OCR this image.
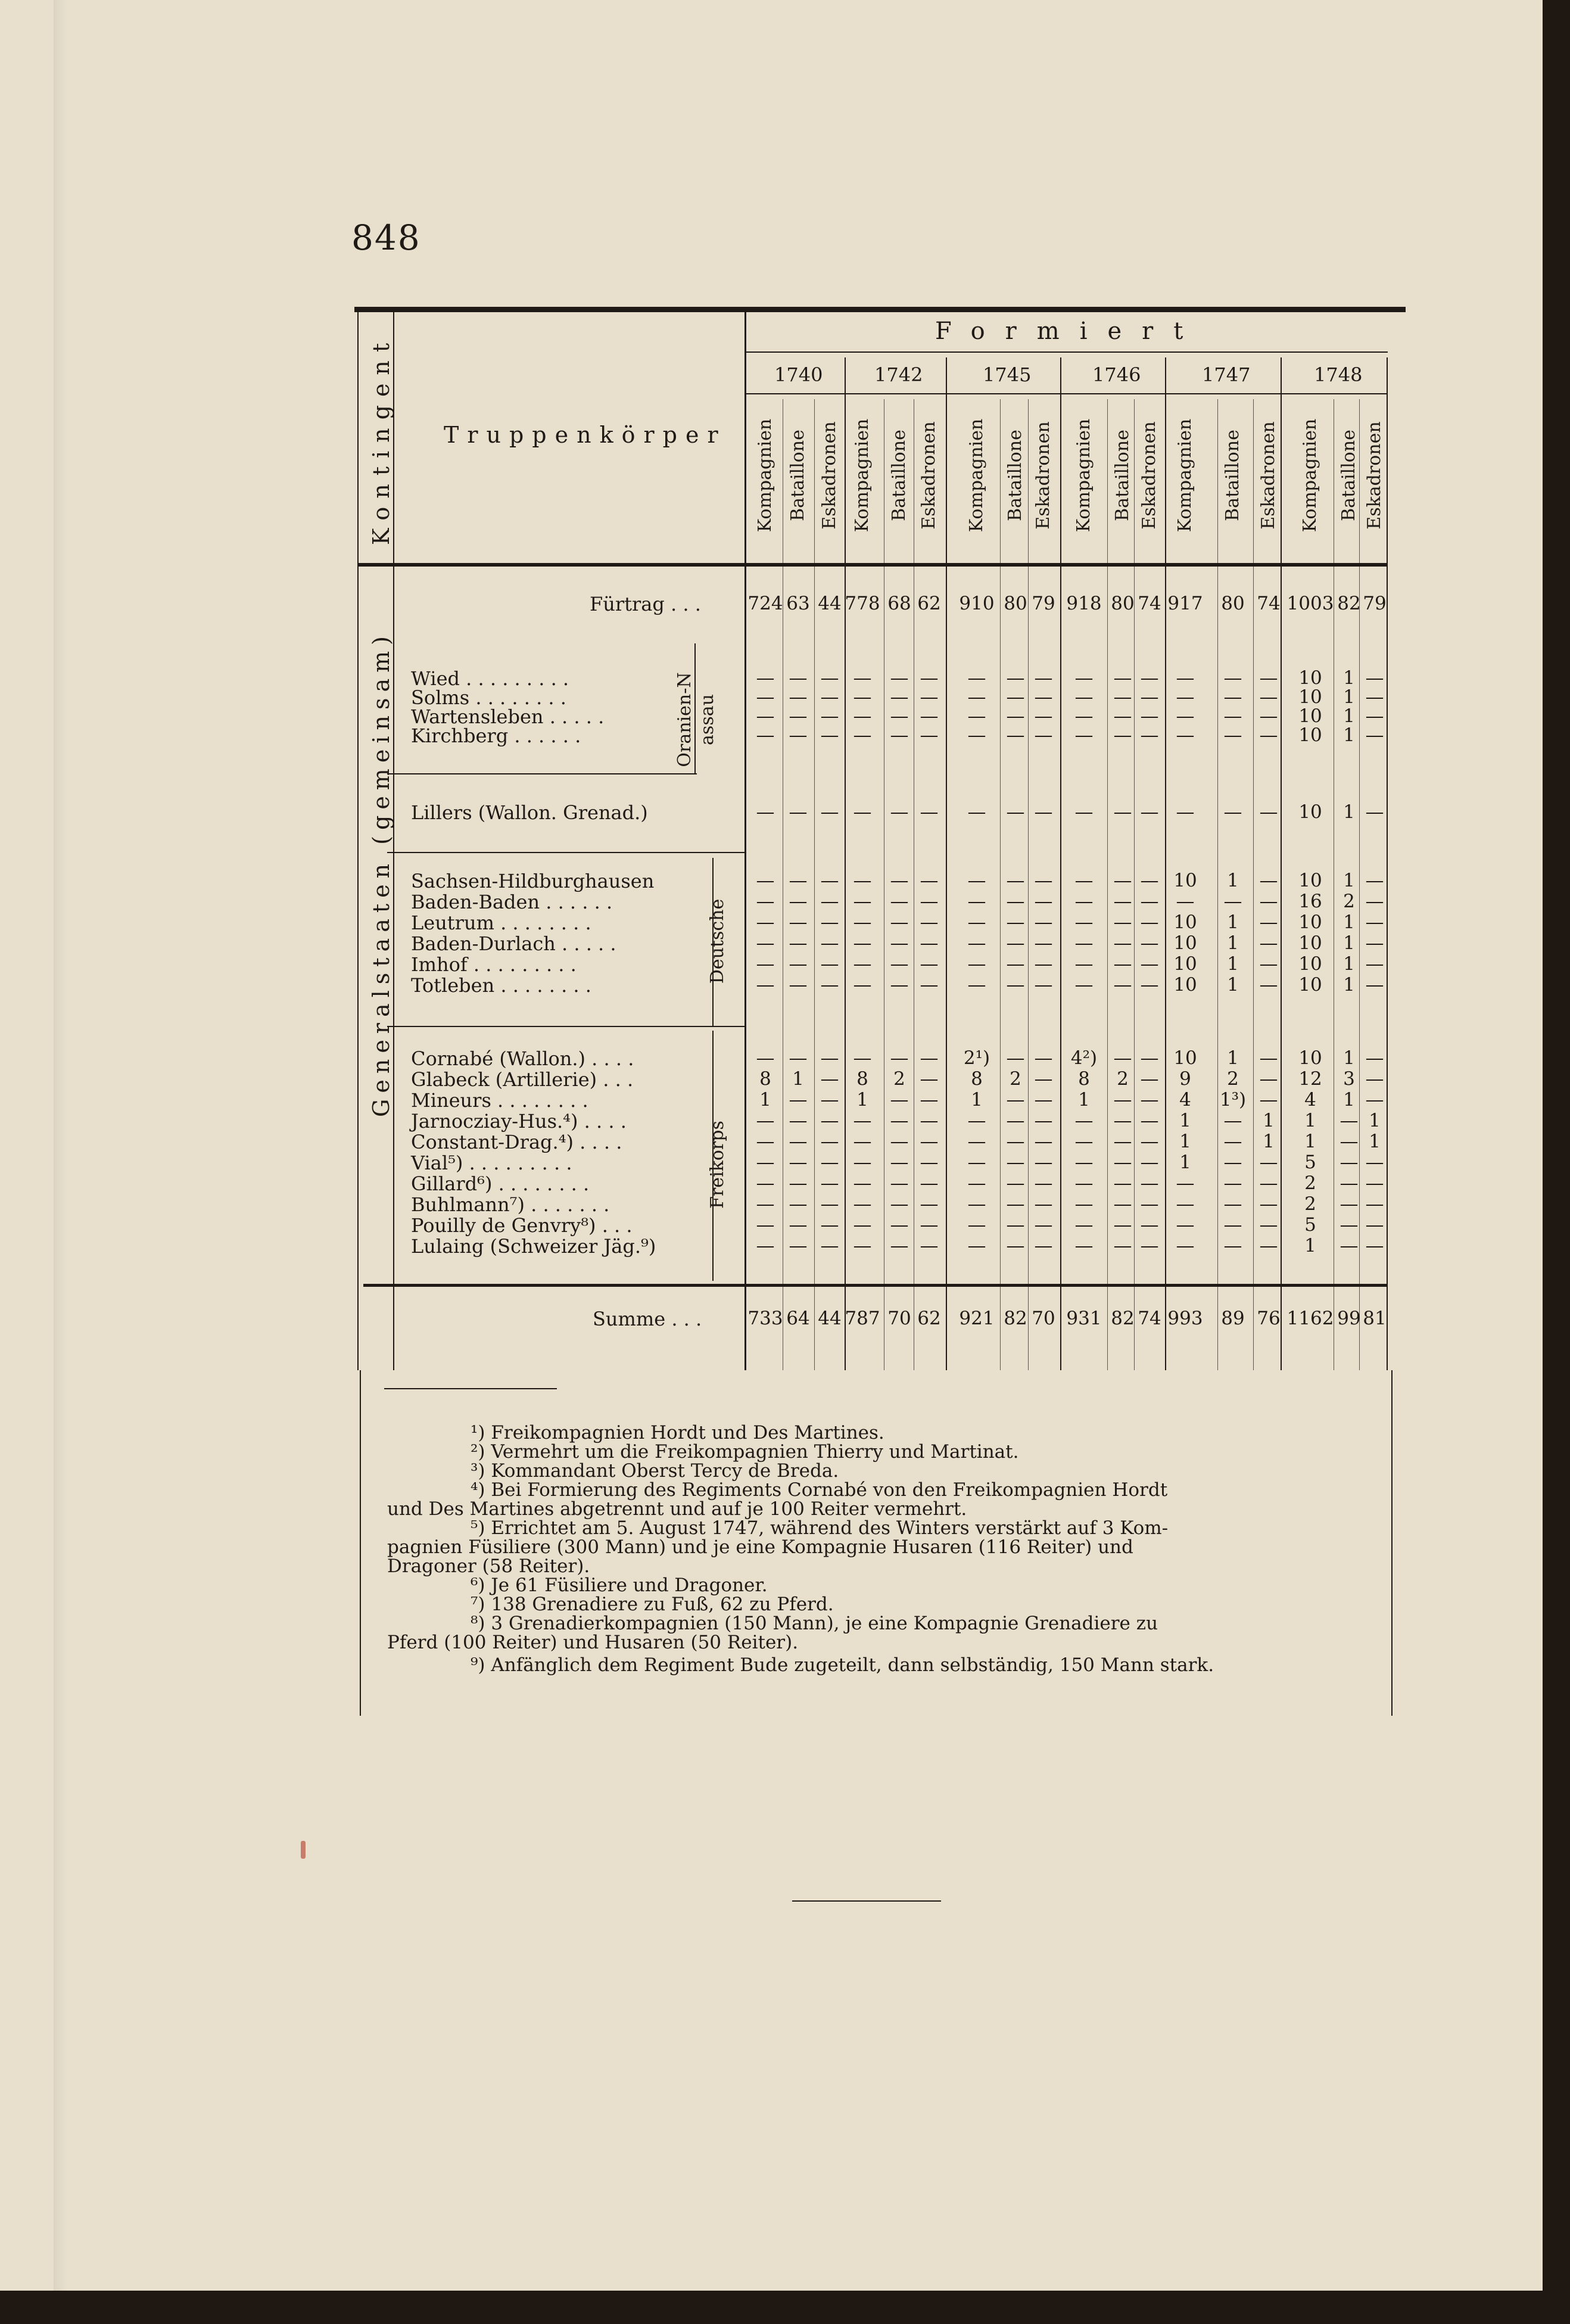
848
Kontingent Truppenkörper
Formiert
1740	1742	1745	1746	1747	1748
Kompagnien Bataillone Eskadronen Kompagnien Bataillone Eskadronen Kompagnien Bataillone Eskadronen Kompagnien Bataillone Eskadronen Kompagnien Bataillone Eskadronen Kompagnien Bataillone Eskadronen
Generalstaaten (gemeinsam)	Oranien-Nassau
Deutsche
Freikorps
Fürtrag . . .	724 63 44 778 68 62 910 80 79 918 80 74 917 80 74 1003 82 79
Wied . . . . . . . . .	— — — —	— —	—	— —	—	— — —	— —	10	1 —
Solms . . . . . . . .	— — — —	— —	—	— —	—	— — —	— —	10	1 —
Wartensleben . . . . .	— — — —	— —	—	— —	—	— — —	— —	10	1 —
Kirchberg . . . . . .	— — — —	— —	—	— —	—	— — —	— —	10	1 —
Lillers (Wallon. Grenad.)	— — — —	— —	—	— —	—	— — —	— —	10	1 —
Sachsen-Hildburghausen	— — — —	— —	—	— —	—	— — 10	1	—	10	1 —
Baden-Baden . . . . . .	— — — —	— —	—	— —	—	— — —	— —	16	2 —
Leutrum . . . . . . . .	— — — —	— —	—	— —	—	— — 10	1	—	10	1 —
Baden-Durlach . . . . .	— — — —	— —	—	— —	—	— — 10	1	—	10	1 —
Imhof . . . . . . . . .	— — — —	— —	—	— —	—	— — 10	1	—	10	1 —
Totleben . . . . . . . .	— — — —	— —	—	— —	—	— — 10	1	—	10	1 —
Cornabé (Wallon.) . . . .	— — — —	— —	2¹) — — 4²) — — 10	1	—	10	1 —
Glabeck (Artillerie) . . .	8	1 — 8	2 —	8	2 —	8	2 —	9	2	—	12	3 —
Mineurs . . . . . . . .	1 — — 1	— —	1	— —	1	— —	4	1³) —	4	1 —
Jarnocziay-Hus.⁴) . . . .	— — — —	— —	—	— —	—	— —	1	—	1	1	— 1
Constant-Drag.⁴) . . . .	— — — —	— —	—	— —	—	— —	1	—	1	1	— 1
Vial⁵) . . . . . . . . .	— — — —	— —	—	— —	—	— —	1	— —	5	— —
Gillard⁶) . . . . . . . .	— — — —	— —	—	— —	—	— — —	— —	2	— —
Buhlmann⁷) . . . . . . .	— — — —	— —	—	— —	—	— — —	— —	2	— —
Pouilly de Genvry⁸) . . .	— — — —	— —	—	— —	—	— — —	— —	5	— —
Lulaing (Schweizer Jäg.⁹)	— — — —	— —	—	— —	—	— — —	— —	1	— —
Summe . . .	733 64 44 787 70 62 921 82 70 931 82 74 993 89 76 1162 99 81
¹) Freikompagnien Hordt und Des Martines.
²) Vermehrt um die Freikompagnien Thierry und Martinat.
³) Kommandant Oberst Tercy de Breda.
⁴) Bei Formierung des Regiments Cornabé von den Freikompagnien Hordt
und Des Martines abgetrennt und auf je 100 Reiter vermehrt.
⁵) Errichtet am 5. August 1747, während des Winters verstärkt auf 3 Kom-
pagnien Füsiliere (300 Mann) und je eine Kompagnie Husaren (116 Reiter) und
Dragoner (58 Reiter).
⁶) Je 61 Füsiliere und Dragoner.
⁷) 138 Grenadiere zu Fuß, 62 zu Pferd.
⁸) 3 Grenadierkompagnien (150 Mann), je eine Kompagnie Grenadiere zu
Pferd (100 Reiter) und Husaren (50 Reiter).
⁹) Anfänglich dem Regiment Bude zugeteilt, dann selbständig, 150 Mann stark.
